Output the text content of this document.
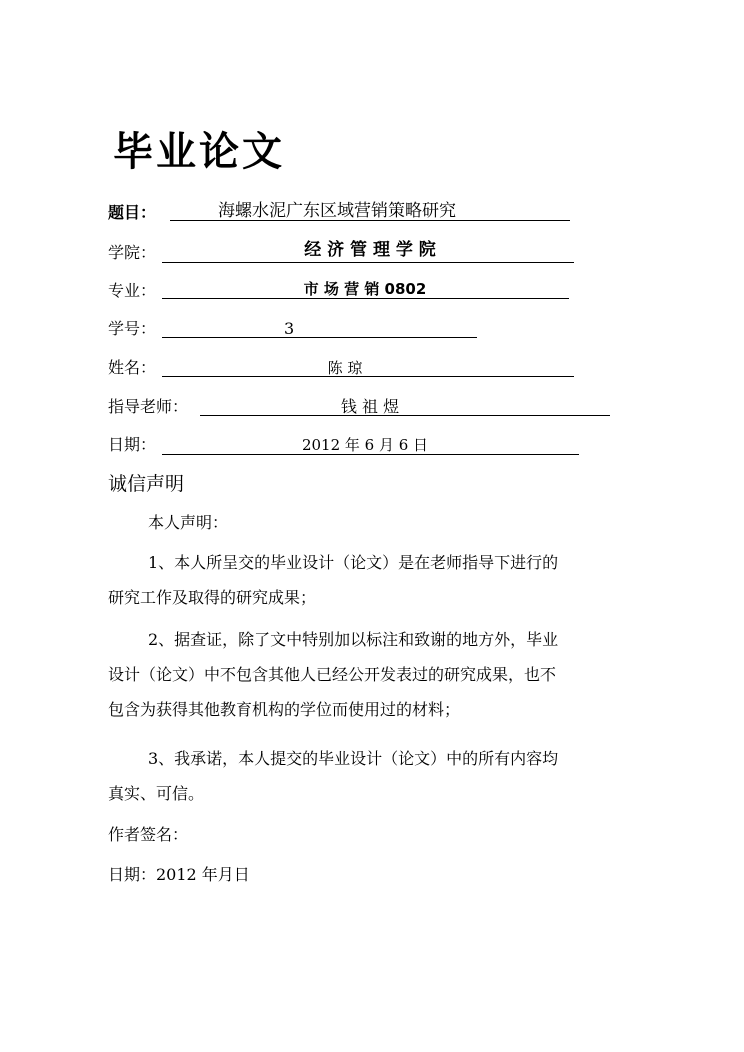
毕业论文
题目：	海螺水泥广东区域营销策略研究
学院：	经 济 管 理 学 院
专业：	市 场 营 销 0802
学号：	3
姓名：	陈 琼
指导老师：	钱 祖 煜
日期：	2012 年 6 月 6 日
诚信声明
本人声明：
1、本人所呈交的毕业设计（论文）是在老师指导下进行的
研究工作及取得的研究成果；
2、据查证，除了文中特别加以标注和致谢的地方外，毕业
设计（论文）中不包含其他人已经公开发表过的研究成果，也不
包含为获得其他教育机构的学位而使用过的材料；
3、我承诺，本人提交的毕业设计（论文）中的所有内容均
真实、可信。
作者签名：
日期：2012 年月日
